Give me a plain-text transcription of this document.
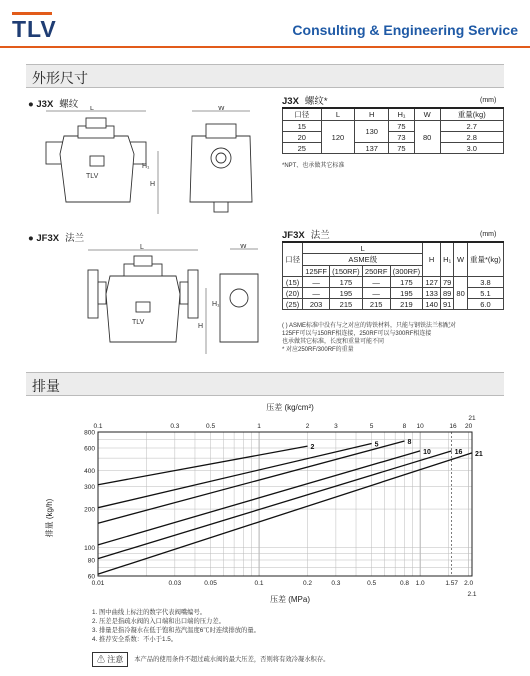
TLV	Consulting & Engineering Service
外形尺寸
● J3X 螺纹 L
TLV
H
H₁
W
J3X 螺纹*	(mm)
口径	L	H	H₁	W	重量(kg)
15	120	130	75	80	2.7
20			73		2.8
25		137	75		3.0
*NPT、也承做其它标准
● JF3X 法兰
L
TLV
H
W
H₁
JF3X 法兰	(mm)
口径	L				H	H₁	W	重量*(kg)
	ASME级							
	125FF	(150RF)	250RF	(300RF)				
(15)	—	175	—	175	127	79	80	3.8
(20)	—	195	—	195	133	89		5.1
(25)	203	215	215	219	140	91		6.0
( ) ASME标准中没有与之对应的铸铁材料，只能与钢铁法兰相配对
125FF可以与150RF相连接，250RF可以与300RF相连接
也承做其它标准，长度和重量可能不同
* 对应250RF/300RF的重量
排量
0.01	0.03	0.05	0.1	0.2	0.3	0.5	0.8 1.0	1.57 2.0
2.1
0.1	0.3	0.5	1	2	3	5	8 10	16 20
21
60
80
100
200
300
400
600
800
2	5	8
10	16 21
压差 (kg/cm²)
压差 (MPa)
排量 (kg/h)
1. 图中曲线上标注的数字代表阀嘴编号。
2. 压差是指疏水阀的入口端和出口端的压力差。
3. 排量是指冷凝水在低于饱和蒸汽温度6℃时连续排放的量。
4. 推荐安全系数：不小于1.5。
⚠ 注意	本产品的使用条件不超过疏水阀的最大压差，否则将有效冷凝水积存。
